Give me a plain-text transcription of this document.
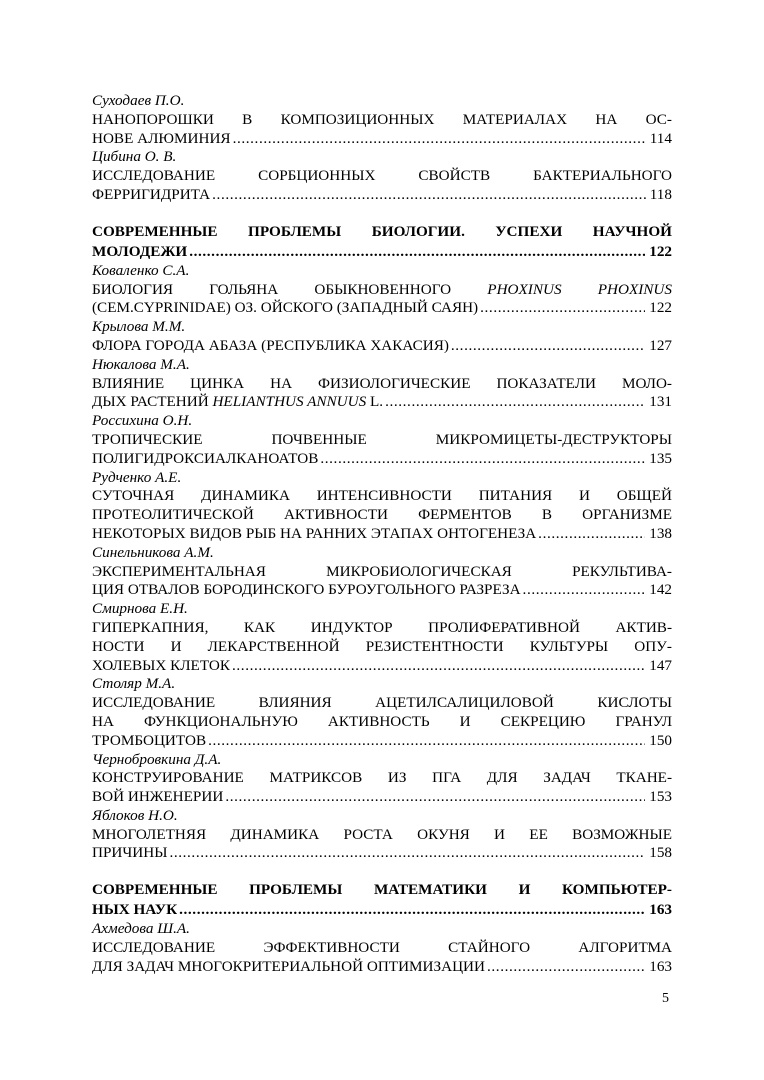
Суходаев П.О.
НАНОПОРОШКИ В КОМПОЗИЦИОННЫХ МАТЕРИАЛАХ НА ОС-
НОВЕ АЛЮМИНИЯ .....	114
Цибина О. В.
ИССЛЕДОВАНИЕ СОРБЦИОННЫХ СВОЙСТВ БАКТЕРИАЛЬНОГО
ФЕРРИГИДРИТА .....	118
СОВРЕМЕННЫЕ ПРОБЛЕМЫ БИОЛОГИИ. УСПЕХИ НАУЧНОЙ
МОЛОДЕЖИ .....	122
Коваленко С.А.
БИОЛОГИЯ ГОЛЬЯНА ОБЫКНОВЕННОГО PHOXINUS PHOXINUS
(CEM.CYPRINIDAE) ОЗ. ОЙСКОГО (ЗАПАДНЫЙ САЯН) .....	122
Крылова М.М.
ФЛОРА ГОРОДА АБАЗА (РЕСПУБЛИКА ХАКАСИЯ) .....	127
Нюкалова М.А.
ВЛИЯНИЕ ЦИНКА НА ФИЗИОЛОГИЧЕСКИЕ ПОКАЗАТЕЛИ МОЛО-
ДЫХ РАСТЕНИЙ HELIANTHUS ANNUUS L. .....	131
Россихина О.Н.
ТРОПИЧЕСКИЕ ПОЧВЕННЫЕ МИКРОМИЦЕТЫ-ДЕСТРУКТОРЫ
ПОЛИГИДРОКСИАЛКАНОАТОВ .....	135
Рудченко А.Е.
СУТОЧНАЯ ДИНАМИКА ИНТЕНСИВНОСТИ ПИТАНИЯ И ОБЩЕЙ
ПРОТЕОЛИТИЧЕСКОЙ АКТИВНОСТИ ФЕРМЕНТОВ В ОРГАНИЗМЕ
НЕКОТОРЫХ ВИДОВ РЫБ НА РАННИХ ЭТАПАХ ОНТОГЕНЕЗА .....	138
Синельникова А.М.
ЭКСПЕРИМЕНТАЛЬНАЯ МИКРОБИОЛОГИЧЕСКАЯ РЕКУЛЬТИВА-
ЦИЯ ОТВАЛОВ БОРОДИНСКОГО БУРОУГОЛЬНОГО РАЗРЕЗА .....	142
Смирнова Е.Н.
ГИПЕРКАПНИЯ, КАК ИНДУКТОР ПРОЛИФЕРАТИВНОЙ АКТИВ-
НОСТИ И ЛЕКАРСТВЕННОЙ РЕЗИСТЕНТНОСТИ КУЛЬТУРЫ ОПУ-
ХОЛЕВЫХ КЛЕТОК .....	147
Столяр М.А.
ИССЛЕДОВАНИЕ ВЛИЯНИЯ АЦЕТИЛСАЛИЦИЛОВОЙ КИСЛОТЫ
НА ФУНКЦИОНАЛЬНУЮ АКТИВНОСТЬ И СЕКРЕЦИЮ ГРАНУЛ
ТРОМБОЦИТОВ .....	150
Чернобровкина Д.А.
КОНСТРУИРОВАНИЕ МАТРИКСОВ ИЗ ПГА ДЛЯ ЗАДАЧ ТКАНЕ-
ВОЙ ИНЖЕНЕРИИ .....	153
Яблоков Н.О.
МНОГОЛЕТНЯЯ ДИНАМИКА РОСТА ОКУНЯ И ЕЕ ВОЗМОЖНЫЕ
ПРИЧИНЫ .....	158
СОВРЕМЕННЫЕ ПРОБЛЕМЫ МАТЕМАТИКИ И КОМПЬЮТЕР-
НЫХ НАУК .....	163
Ахмедова Ш.А.
ИССЛЕДОВАНИЕ ЭФФЕКТИВНОСТИ СТАЙНОГО АЛГОРИТМА
ДЛЯ ЗАДАЧ МНОГОКРИТЕРИАЛЬНОЙ ОПТИМИЗАЦИИ .....	163
5
